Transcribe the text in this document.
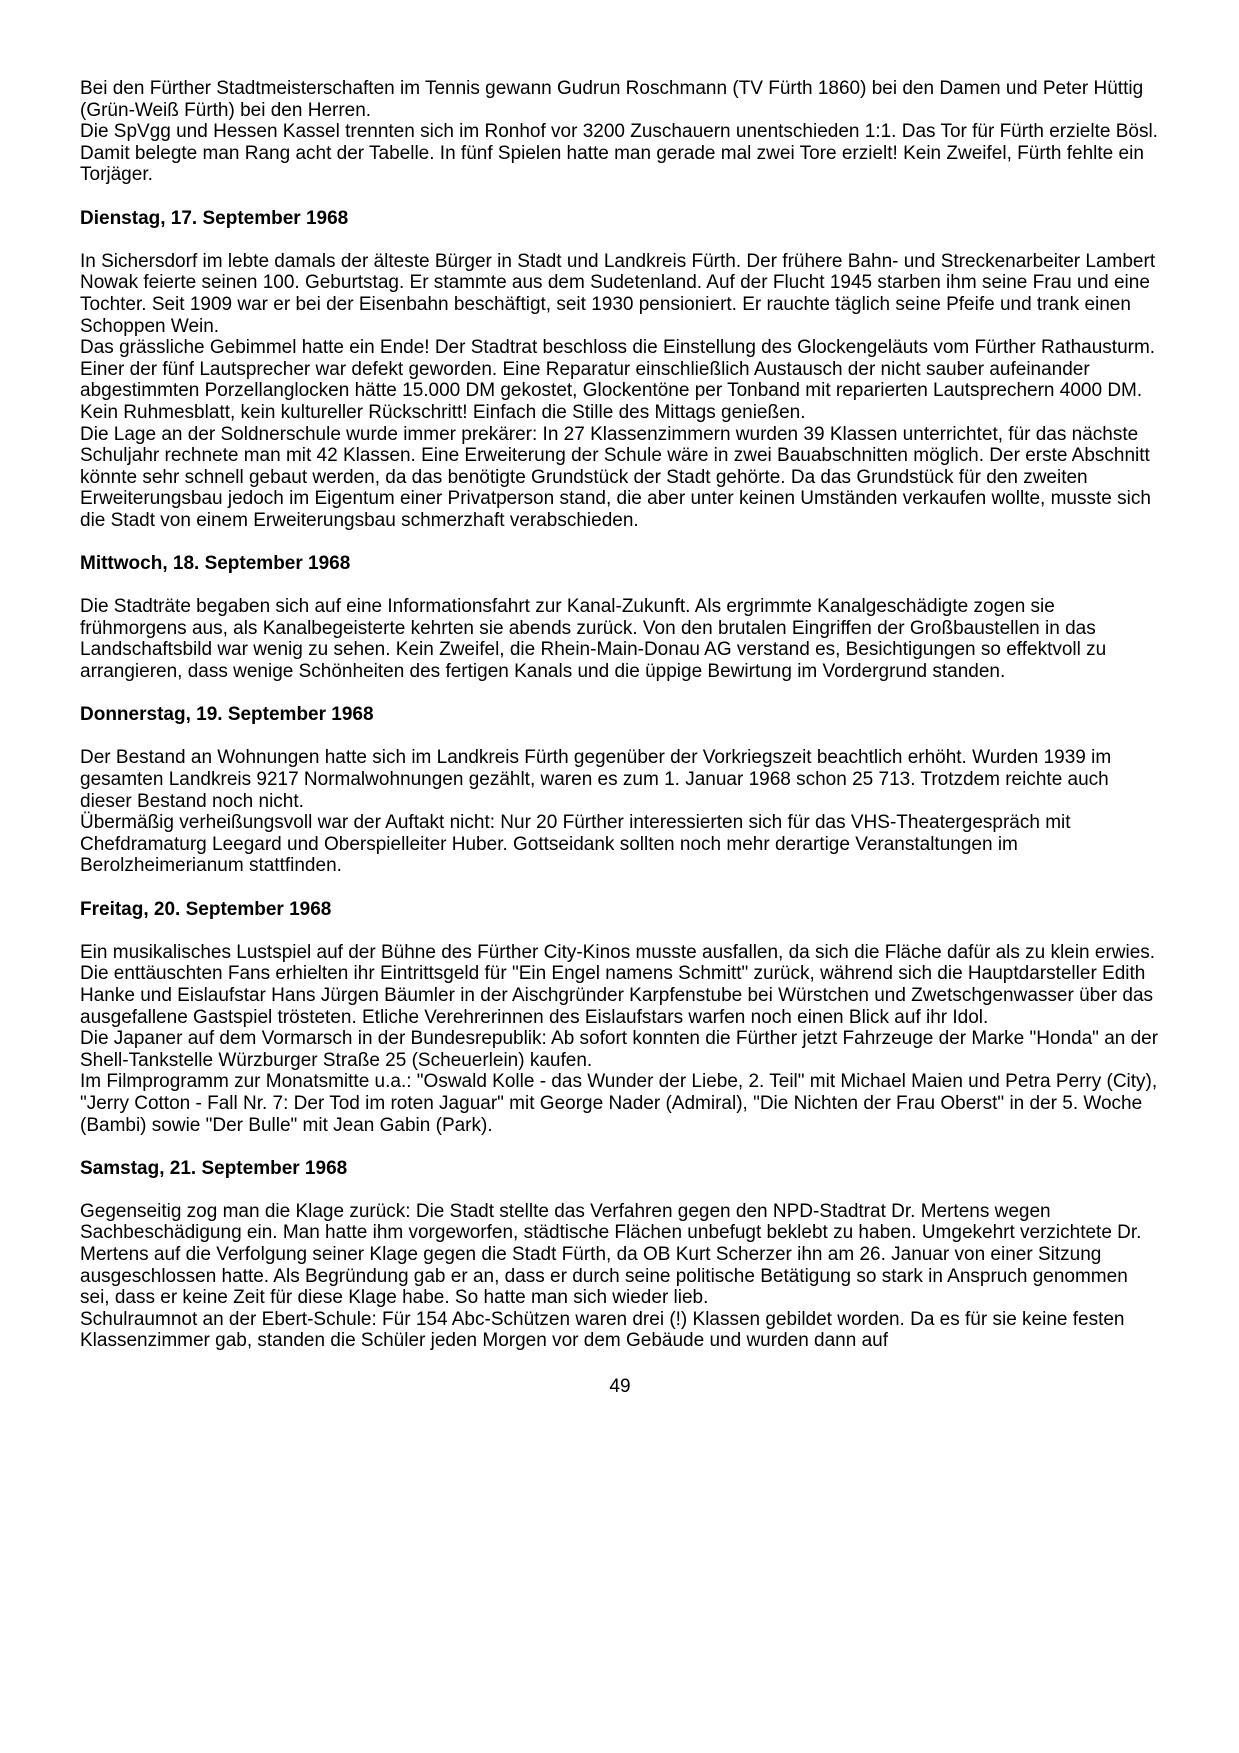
Bei den Fürther Stadtmeisterschaften im Tennis gewann Gudrun Roschmann (TV Fürth 1860) bei den Damen und Peter Hüttig (Grün-Weiß Fürth) bei den Herren.

Die SpVgg und Hessen Kassel trennten sich im Ronhof vor 3200 Zuschauern unentschieden 1:1. Das Tor für Fürth erzielte Bösl. Damit belegte man Rang acht der Tabelle. In fünf Spielen hatte man gerade mal zwei Tore erzielt! Kein Zweifel, Fürth fehlte ein Torjäger.

Dienstag, 17. September 1968

In Sichersdorf im lebte damals der älteste Bürger in Stadt und Landkreis Fürth. Der frühere Bahn- und Streckenarbeiter Lambert Nowak feierte seinen 100. Geburtstag. Er stammte aus dem Sudetenland. Auf der Flucht 1945 starben ihm seine Frau und eine Tochter. Seit 1909 war er bei der Eisenbahn beschäftigt, seit 1930 pensioniert. Er rauchte täglich seine Pfeife und trank einen Schoppen Wein.

Das grässliche Gebimmel hatte ein Ende! Der Stadtrat beschloss die Einstellung des Glockengeläuts vom Fürther Rathausturm. Einer der fünf Lautsprecher war defekt geworden. Eine Reparatur einschließlich Austausch der nicht sauber aufeinander abgestimmten Porzellanglocken hätte 15.000 DM gekostet, Glockentöne per Tonband mit reparierten Lautsprechern 4000 DM. Kein Ruhmesblatt, kein kultureller Rückschritt! Einfach die Stille des Mittags genießen.

Die Lage an der Soldnerschule wurde immer prekärer: In 27 Klassenzimmern wurden 39 Klassen unterrichtet, für das nächste Schuljahr rechnete man mit 42 Klassen. Eine Erweiterung der Schule wäre in zwei Bauabschnitten möglich. Der erste Abschnitt könnte sehr schnell gebaut werden, da das benötigte Grundstück der Stadt gehörte. Da das Grundstück für den zweiten Erweiterungsbau jedoch im Eigentum einer Privatperson stand, die aber unter keinen Umständen verkaufen wollte, musste sich die Stadt von einem Erweiterungsbau schmerzhaft verabschieden.

Mittwoch, 18. September 1968

Die Stadträte begaben sich auf eine Informationsfahrt zur Kanal-Zukunft. Als ergrimmte Kanalgeschädigte zogen sie frühmorgens aus, als Kanalbegeisterte kehrten sie abends zurück. Von den brutalen Eingriffen der Großbaustellen in das Landschaftsbild war wenig zu sehen. Kein Zweifel, die Rhein-Main-Donau AG verstand es, Besichtigungen so effektvoll zu arrangieren, dass wenige Schönheiten des fertigen Kanals und die üppige Bewirtung im Vordergrund standen.

Donnerstag, 19. September 1968

Der Bestand an Wohnungen hatte sich im Landkreis Fürth gegenüber der Vorkriegszeit beachtlich erhöht. Wurden 1939 im gesamten Landkreis 9217 Normalwohnungen gezählt, waren es zum 1. Januar 1968 schon 25 713. Trotzdem reichte auch dieser Bestand noch nicht.

Übermäßig verheißungsvoll war der Auftakt nicht: Nur 20 Fürther interessierten sich für das VHS-Theatergespräch mit Chefdramaturg Leegard und Oberspielleiter Huber. Gottseidank sollten noch mehr derartige Veranstaltungen im Berolzheimerianum stattfinden.

Freitag, 20. September 1968

Ein musikalisches Lustspiel auf der Bühne des Fürther City-Kinos musste ausfallen, da sich die Fläche dafür als zu klein erwies. Die enttäuschten Fans erhielten ihr Eintrittsgeld für "Ein Engel namens Schmitt" zurück, während sich die Hauptdarsteller Edith Hanke und Eislaufstar Hans Jürgen Bäumler in der Aischgründer Karpfenstube bei Würstchen und Zwetschgenwasser über das ausgefallene Gastspiel trösteten. Etliche Verehrerinnen des Eislaufstars warfen noch einen Blick auf ihr Idol.

Die Japaner auf dem Vormarsch in der Bundesrepublik: Ab sofort konnten die Fürther jetzt Fahrzeuge der Marke "Honda" an der Shell-Tankstelle Würzburger Straße 25 (Scheuerlein) kaufen.

Im Filmprogramm zur Monatsmitte u.a.: "Oswald Kolle - das Wunder der Liebe, 2. Teil" mit Michael Maien und Petra Perry (City), "Jerry Cotton - Fall Nr. 7: Der Tod im roten Jaguar" mit George Nader (Admiral), "Die Nichten der Frau Oberst" in der 5. Woche (Bambi) sowie "Der Bulle" mit Jean Gabin (Park).

Samstag, 21. September 1968

Gegenseitig zog man die Klage zurück: Die Stadt stellte das Verfahren gegen den NPD-Stadtrat Dr. Mertens wegen Sachbeschädigung ein. Man hatte ihm vorgeworfen, städtische Flächen unbefugt beklebt zu haben. Umgekehrt verzichtete Dr. Mertens auf die Verfolgung seiner Klage gegen die Stadt Fürth, da OB Kurt Scherzer ihn am 26. Januar von einer Sitzung ausgeschlossen hatte. Als Begründung gab er an, dass er durch seine politische Betätigung so stark in Anspruch genommen sei, dass er keine Zeit für diese Klage habe. So hatte man sich wieder lieb.

Schulraumnot an der Ebert-Schule: Für 154 Abc-Schützen waren drei (!) Klassen gebildet worden. Da es für sie keine festen Klassenzimmer gab, standen die Schüler jeden Morgen vor dem Gebäude und wurden dann auf

49
